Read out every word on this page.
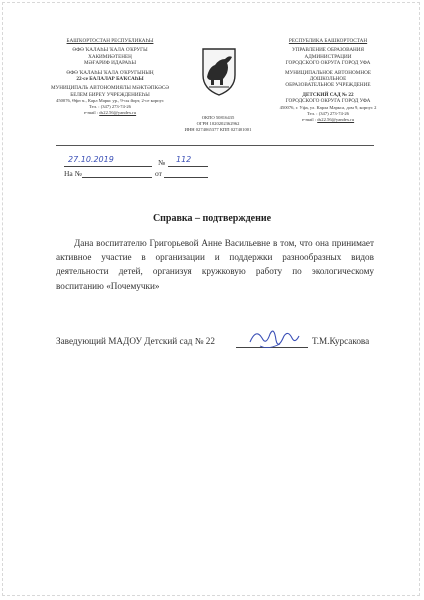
БАШҠОРТОСТАН РЕСПУБЛИКАҺЫ
ӨФӨ ҠАЛАҺЫ ҠАЛА ОҠРУГЫ
ХАКИМИӘТЕНЕҢ
МӘҒАРИФ ИДАРАҺЫ
ӨФӨ ҠАЛАҺЫ ҠАЛА ОҠРУГЫНЫҢ
22-се БАЛАЛАР БАҠСАҺЫ
МУНИЦИПАЛЬ АВТОНОМИЯЛЫ МӘКТӘПКӘСӘ
БЕЛЕМ БИРЕҮ УЧРЕЖДЕНИЕҺЫ
450076, Өфө ҡ., Карл Маркс ур., 9-сы йорт, 2-се корпус
Тел. : (347) 273-74-26
e-mail : ds22.56@yandex.ru
ОКПО 50816435
ОГРН 1020202362962
ИНН 0274065377 КПП 027401001
РЕСПУБЛИКА БАШКОРТОСТАН
УПРАВЛЕНИЕ ОБРАЗОВАНИЯ
АДМИНИСТРАЦИИ
ГОРОДСКОГО ОКРУГА ГОРОД УФА
МУНИЦИПАЛЬНОЕ АВТОНОМНОЕ
ДОШКОЛЬНОЕ
ОБРАЗОВАТЕЛЬНОЕ УЧРЕЖДЕНИЕ
ДЕТСКИЙ САД № 22
ГОРОДСКОГО ОКРУГА ГОРОД УФА
450076, г. Уфа, ул. Карла Маркса, дом 9, корпус 2
Тел. : (347) 273-74-26
e-mail : ds22.56@yandex.ru
27.10.2019	№ 112
На №	от
Справка – подтверждение
Дана воспитателю Григорьевой Анне Васильевне в том, что она принимает активное участие в организации и поддержки разнообразных видов деятельности детей, организуя кружковую работу по экологическому воспитанию «Почемучки»
Заведующий МАДОУ Детский сад № 22	Т.М.Курсакова
